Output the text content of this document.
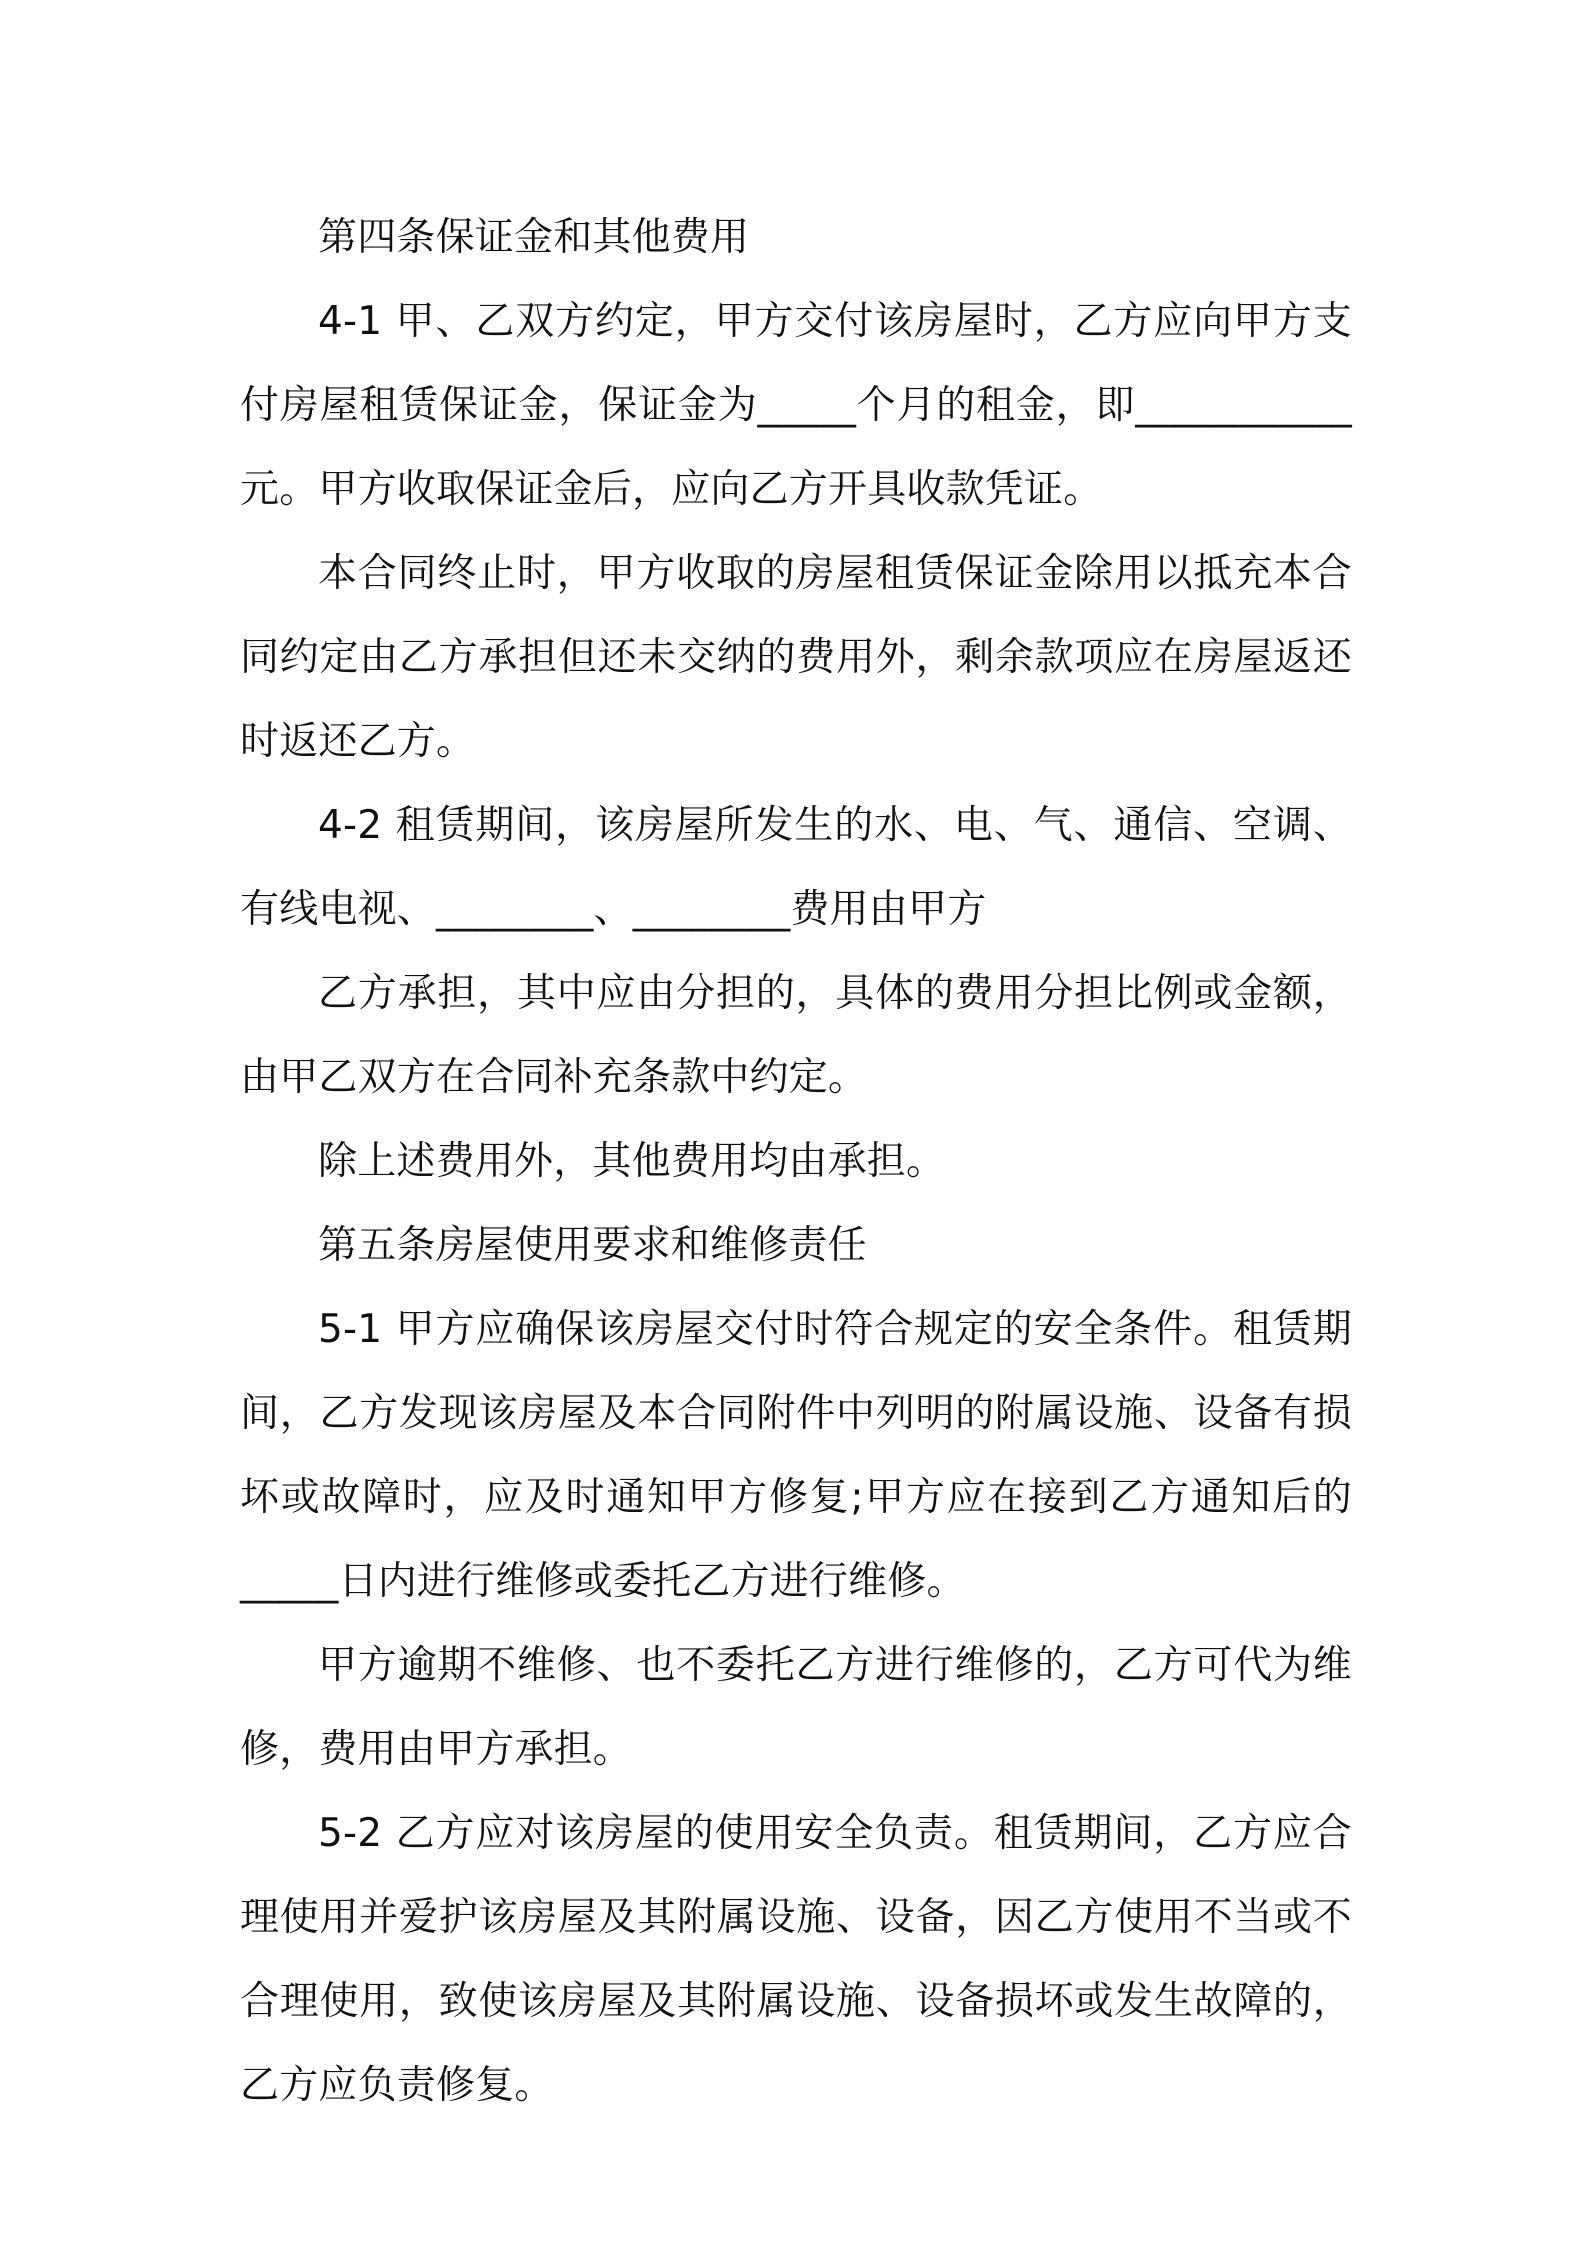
第四条保证金和其他费用

4-1 甲、乙双方约定，甲方交付该房屋时，乙方应向甲方支付房屋租赁保证金，保证金为_____个月的租金，即___________元。甲方收取保证金后，应向乙方开具收款凭证。

本合同终止时，甲方收取的房屋租赁保证金除用以抵充本合同约定由乙方承担但还未交纳的费用外，剩余款项应在房屋返还时返还乙方。

4-2 租赁期间，该房屋所发生的水、电、气、通信、空调、有线电视、________、________费用由甲方

乙方承担，其中应由分担的，具体的费用分担比例或金额，由甲乙双方在合同补充条款中约定。

除上述费用外，其他费用均由承担。

第五条房屋使用要求和维修责任

5-1 甲方应确保该房屋交付时符合规定的安全条件。租赁期间，乙方发现该房屋及本合同附件中列明的附属设施、设备有损坏或故障时，应及时通知甲方修复;甲方应在接到乙方通知后的_____日内进行维修或委托乙方进行维修。

甲方逾期不维修、也不委托乙方进行维修的，乙方可代为维修，费用由甲方承担。

5-2 乙方应对该房屋的使用安全负责。租赁期间，乙方应合理使用并爱护该房屋及其附属设施、设备，因乙方使用不当或不合理使用，致使该房屋及其附属设施、设备损坏或发生故障的，乙方应负责修复。
